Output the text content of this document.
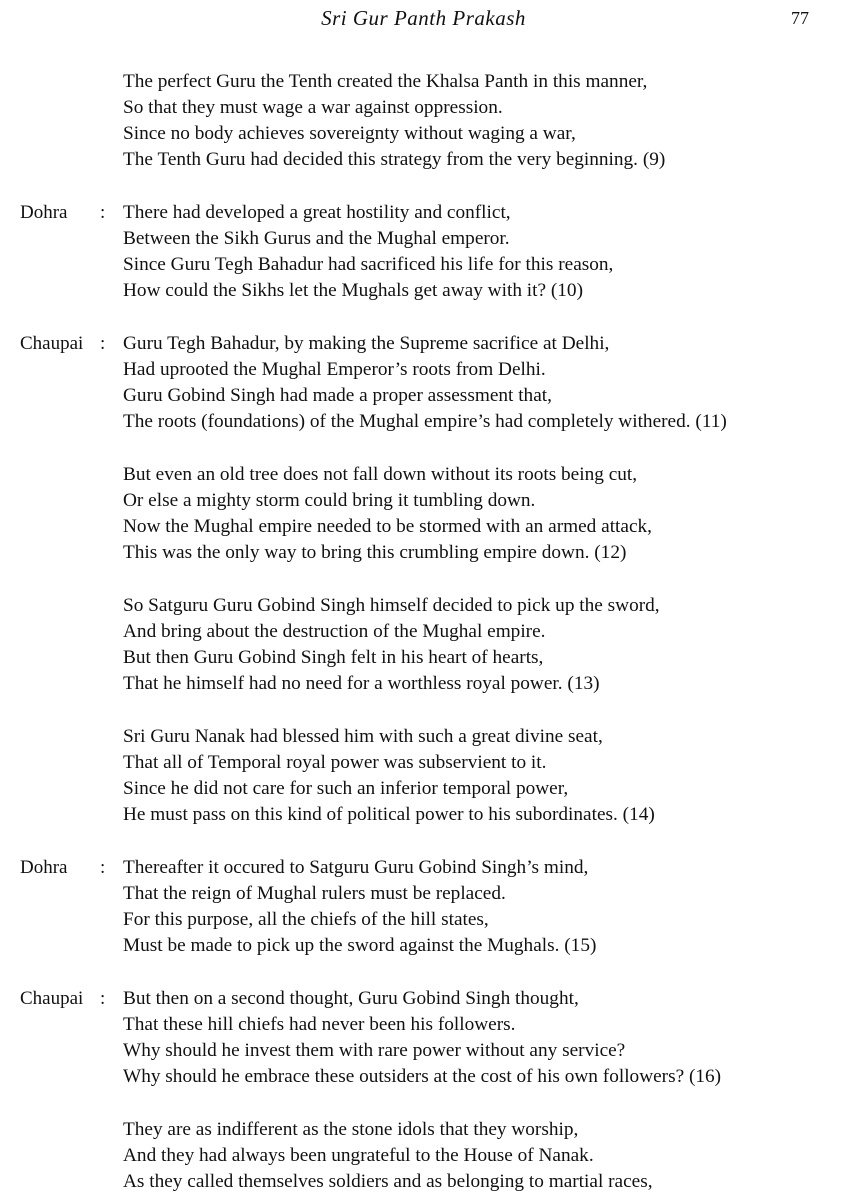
Sri Gur Panth Prakash	77
The perfect Guru the Tenth created the Khalsa Panth in this manner,
So that they must wage a war against oppression.
Since no body achieves sovereignty without waging a war,
The Tenth Guru had decided this strategy from the very beginning. (9)
Dohra : There had developed a great hostility and conflict,
Between the Sikh Gurus and the Mughal emperor.
Since Guru Tegh Bahadur had sacrificed his life for this reason,
How could the Sikhs let the Mughals get away with it? (10)
Chaupai : Guru Tegh Bahadur, by making the Supreme sacrifice at Delhi,
Had uprooted the Mughal Emperor’s roots from Delhi.
Guru Gobind Singh had made a proper assessment that,
The roots (foundations) of the Mughal empire’s had completely withered. (11)
But even an old tree does not fall down without its roots being cut,
Or else a mighty storm could bring it tumbling down.
Now the Mughal empire needed to be stormed with an armed attack,
This was the only way to bring this crumbling empire down. (12)
So Satguru Guru Gobind Singh himself decided to pick up the sword,
And bring about the destruction of the Mughal empire.
But then Guru Gobind Singh felt in his heart of hearts,
That he himself had no need for a worthless royal power. (13)
Sri Guru Nanak had blessed him with such a great divine seat,
That all of Temporal royal power was subservient to it.
Since he did not care for such an inferior temporal power,
He must pass on this kind of political power to his subordinates. (14)
Dohra : Thereafter it occured to Satguru Guru Gobind Singh’s mind,
That the reign of Mughal rulers must be replaced.
For this purpose, all the chiefs of the hill states,
Must be made to pick up the sword against the Mughals. (15)
Chaupai : But then on a second thought, Guru Gobind Singh thought,
That these hill chiefs had never been his followers.
Why should he invest them with rare power without any service?
Why should he embrace these outsiders at the cost of his own followers? (16)
They are as indifferent as the stone idols that they worship,
And they had always been ungrateful to the House of Nanak.
As they called themselves soldiers and as belonging to martial races,
